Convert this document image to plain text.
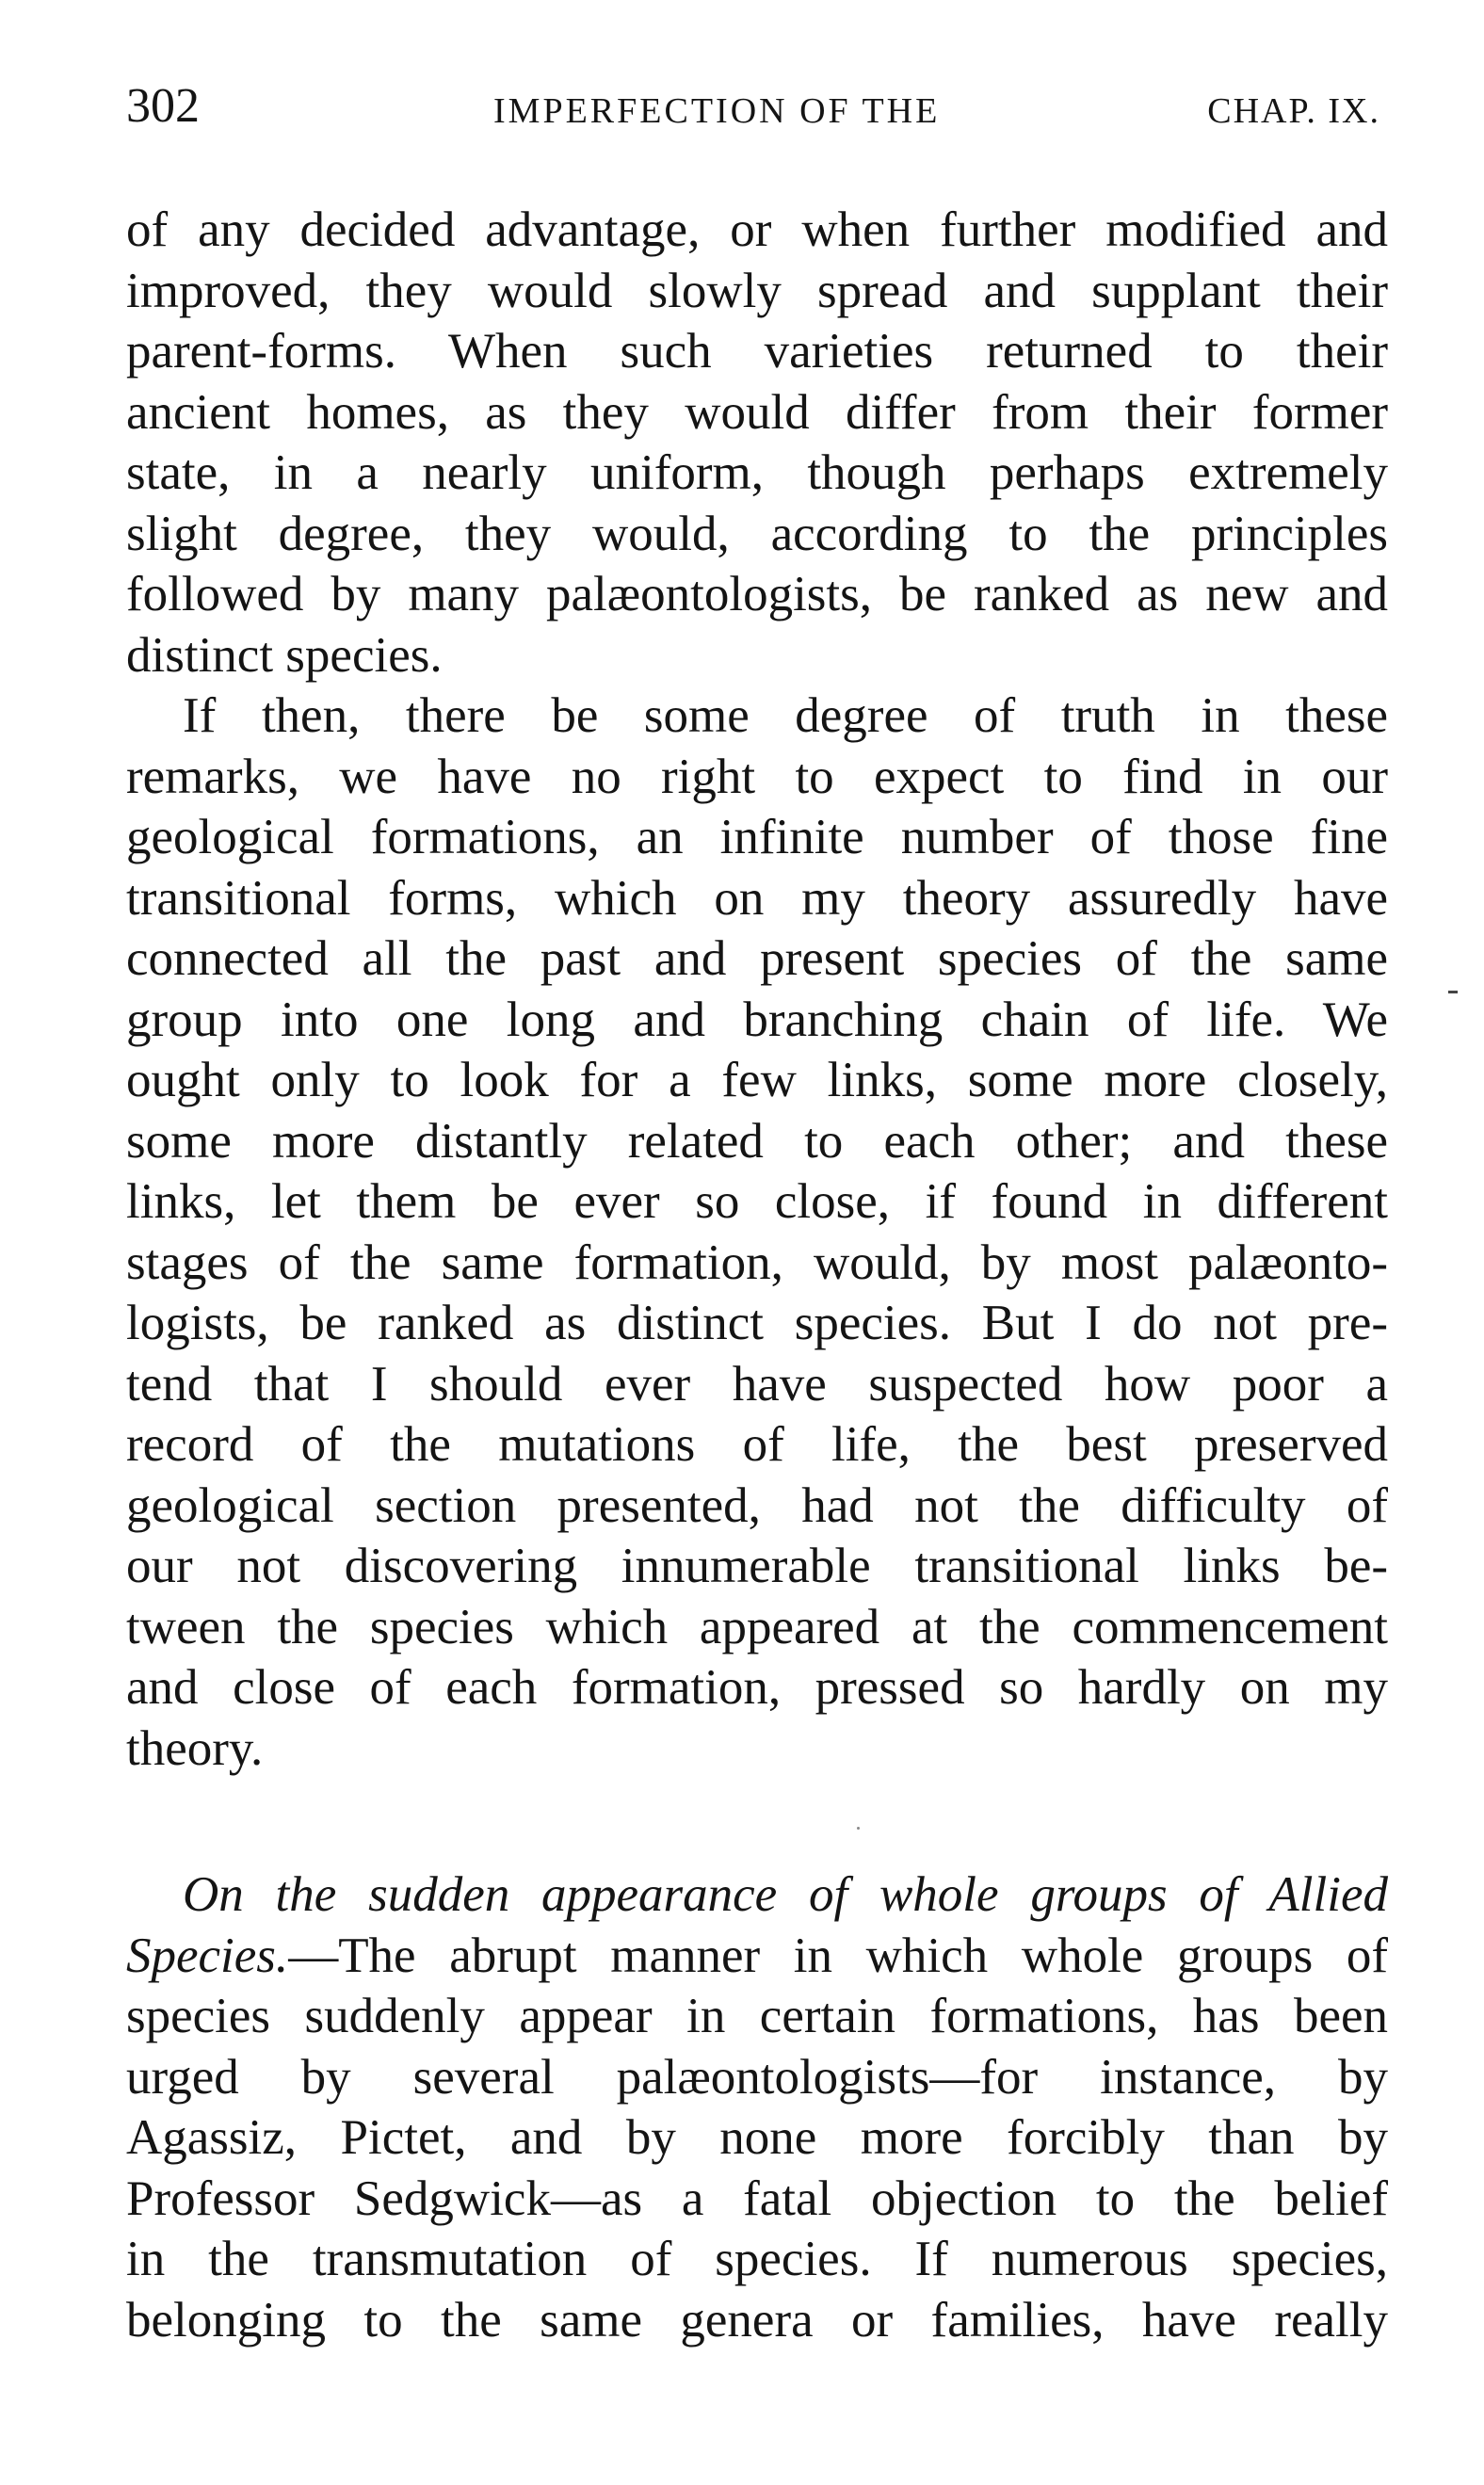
302	IMPERFECTION OF THE	CHAP. IX.
of any decided advantage, or when further modified and
improved, they would slowly spread and supplant their
parent-forms. When such varieties returned to their
ancient homes, as they would differ from their former
state, in a nearly uniform, though perhaps extremely
slight degree, they would, according to the principles
followed by many palæontologists, be ranked as new and
distinct species.
If then, there be some degree of truth in these
remarks, we have no right to expect to find in our
geological formations, an infinite number of those fine
transitional forms, which on my theory assuredly have
connected all the past and present species of the same
group into one long and branching chain of life. We
ought only to look for a few links, some more closely,
some more distantly related to each other; and these
links, let them be ever so close, if found in different
stages of the same formation, would, by most palæonto-
logists, be ranked as distinct species. But I do not pre-
tend that I should ever have suspected how poor a
record of the mutations of life, the best preserved
geological section presented, had not the difficulty of
our not discovering innumerable transitional links be-
tween the species which appeared at the commencement
and close of each formation, pressed so hardly on my
theory.
On the sudden appearance of whole groups of Allied
Species.—The abrupt manner in which whole groups of
species suddenly appear in certain formations, has been
urged by several palæontologists—for instance, by
Agassiz, Pictet, and by none more forcibly than by
Professor Sedgwick—as a fatal objection to the belief
in the transmutation of species. If numerous species,
belonging to the same genera or families, have really
